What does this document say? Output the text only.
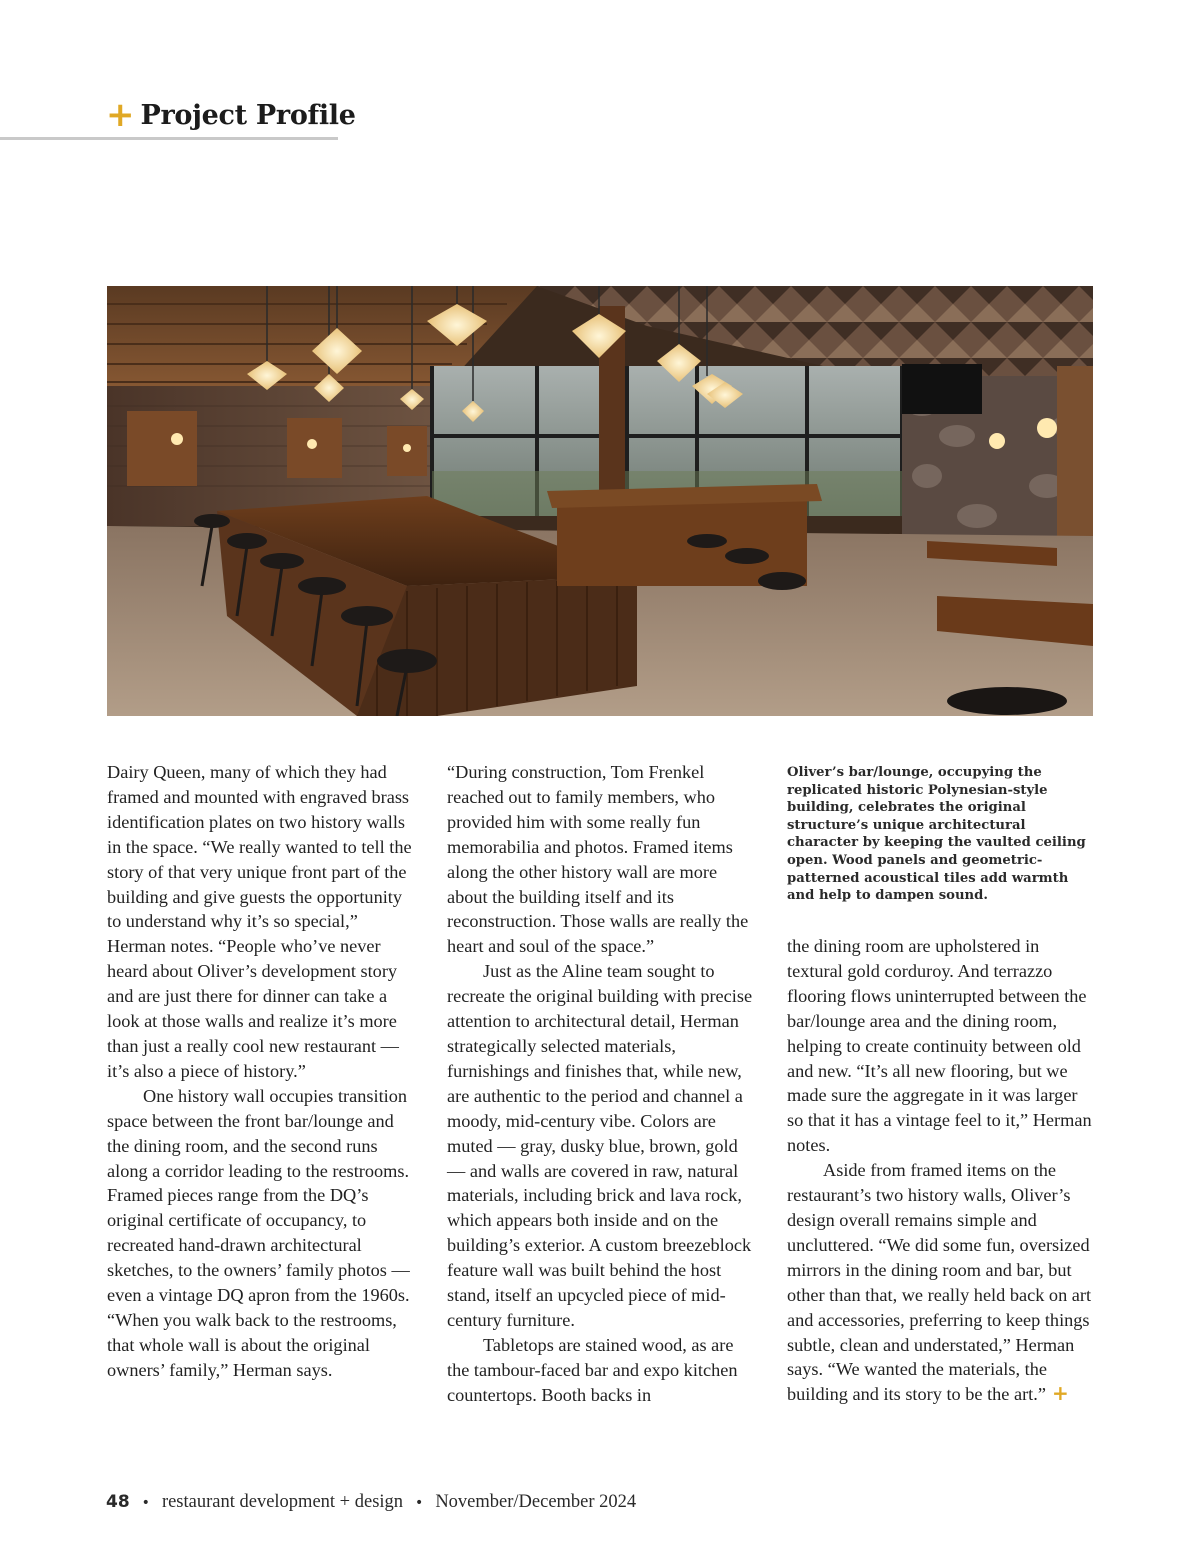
+ Project Profile

Dairy Queen, many of which they had framed and mounted with engraved brass identification plates on two history walls in the space. “We really wanted to tell the story of that very unique front part of the building and give guests the opportunity to understand why it’s so special,” Herman notes. “People who’ve never heard about Oliver’s development story and are just there for dinner can take a look at those walls and realize it’s more than just a really cool new restaurant — it’s also a piece of history.”

One history wall occupies transition space between the front bar/lounge and the dining room, and the second runs along a corridor leading to the restrooms. Framed pieces range from the DQ’s original certificate of occupancy, to recreated hand-drawn architectural sketches, to the owners’ family photos — even a vintage DQ apron from the 1960s. “When you walk back to the restrooms, that whole wall is about the original owners’ family,” Herman says.

“During construction, Tom Frenkel reached out to family members, who provided him with some really fun memorabilia and photos. Framed items along the other history wall are more about the building itself and its reconstruction. Those walls are really the heart and soul of the space.”

Just as the Aline team sought to recreate the original building with precise attention to architectural detail, Herman strategically selected materials, furnishings and finishes that, while new, are authentic to the period and channel a moody, mid-century vibe. Colors are muted — gray, dusky blue, brown, gold — and walls are covered in raw, natural materials, including brick and lava rock, which appears both inside and on the building’s exterior. A custom breezeblock feature wall was built behind the host stand, itself an upcycled piece of mid-century furniture.

Tabletops are stained wood, as are the tambour-faced bar and expo kitchen countertops. Booth backs in

Oliver’s bar/lounge, occupying the replicated historic Polynesian-style building, celebrates the original structure’s unique architectural character by keeping the vaulted ceiling open. Wood panels and geometric-patterned acoustical tiles add warmth and help to dampen sound.

the dining room are upholstered in textural gold corduroy. And terrazzo flooring flows uninterrupted between the bar/lounge area and the dining room, helping to create continuity between old and new. “It’s all new flooring, but we made sure the aggregate in it was larger so that it has a vintage feel to it,” Herman notes.

Aside from framed items on the restaurant’s two history walls, Oliver’s design overall remains simple and uncluttered. “We did some fun, oversized mirrors in the dining room and bar, but other than that, we really held back on art and accessories, preferring to keep things subtle, clean and understated,” Herman says. “We wanted the materials, the building and its story to be the art.” +

48 • restaurant development + design • November/December 2024
